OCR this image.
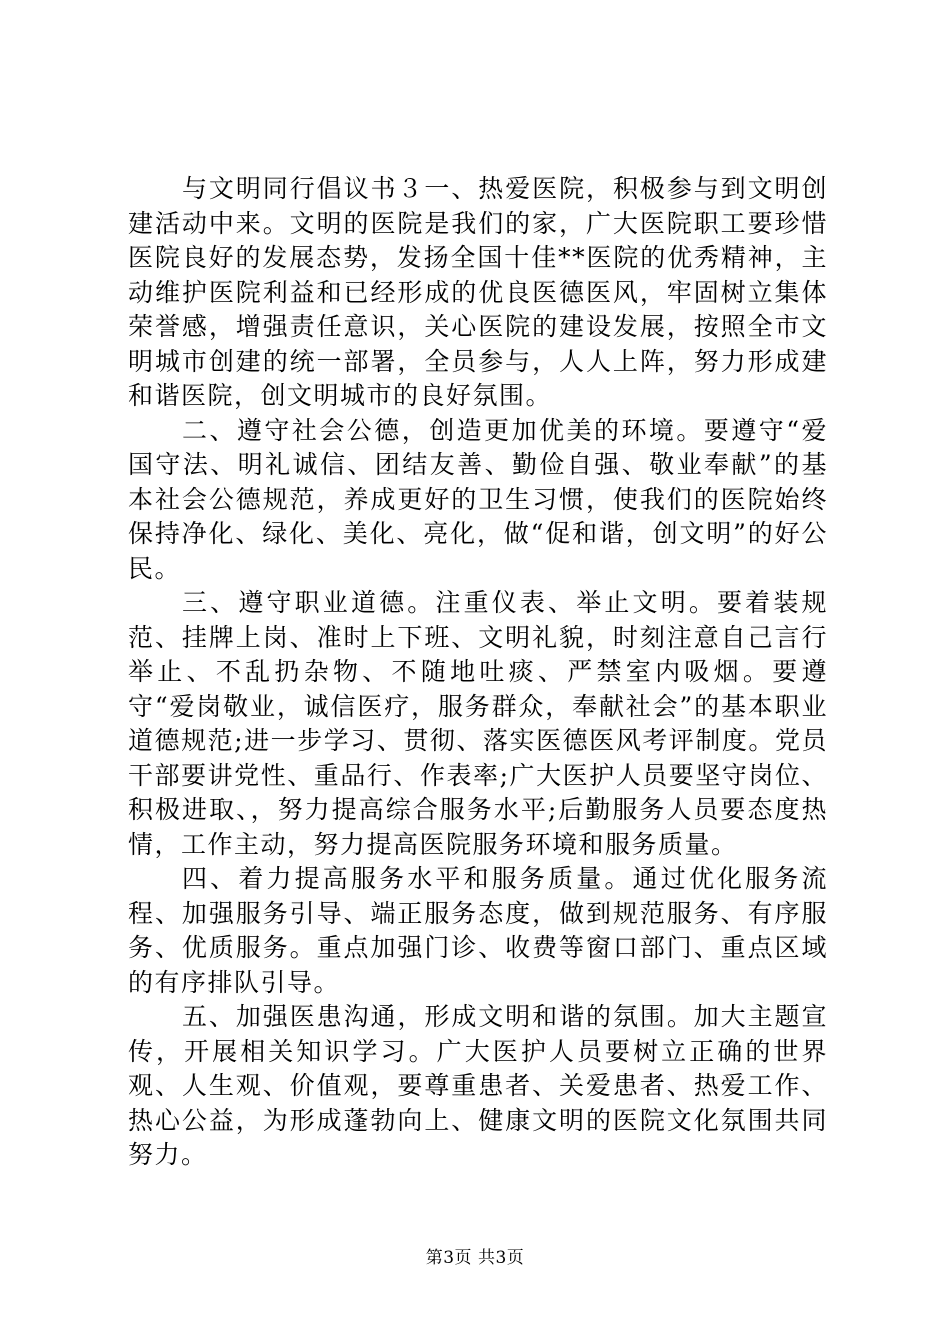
与文明同行倡议书３一、热爱医院，积极参与到文明创建活动中来。文明的医院是我们的家，广大医院职工要珍惜医院良好的发展态势，发扬全国十佳**医院的优秀精神，主动维护医院利益和已经形成的优良医德医风，牢固树立集体荣誉感，增强责任意识，关心医院的建设发展，按照全市文明城市创建的统一部署，全员参与，人人上阵，努力形成建和谐医院，创文明城市的良好氛围。

二、遵守社会公德，创造更加优美的环境。要遵守“爱国守法、明礼诚信、团结友善、勤俭自强、敬业奉献”的基本社会公德规范，养成更好的卫生习惯，使我们的医院始终保持净化、绿化、美化、亮化，做“促和谐，创文明”的好公民。

三、遵守职业道德。注重仪表、举止文明。要着装规范、挂牌上岗、准时上下班、文明礼貌，时刻注意自己言行举止、不乱扔杂物、不随地吐痰、严禁室内吸烟。要遵守“爱岗敬业，诚信医疗，服务群众，奉献社会”的基本职业道德规范;进一步学习、贯彻、落实医德医风考评制度。党员干部要讲党性、重品行、作表率;广大医护人员要坚守岗位、积极进取、，努力提高综合服务水平;后勤服务人员要态度热情，工作主动，努力提高医院服务环境和服务质量。

四、着力提高服务水平和服务质量。通过优化服务流程、加强服务引导、端正服务态度，做到规范服务、有序服务、优质服务。重点加强门诊、收费等窗口部门、重点区域的有序排队引导。

五、加强医患沟通，形成文明和谐的氛围。加大主题宣传，开展相关知识学习。广大医护人员要树立正确的世界观、人生观、价值观，要尊重患者、关爱患者、热爱工作、热心公益，为形成蓬勃向上、健康文明的医院文化氛围共同努力。

第3页 共3页
